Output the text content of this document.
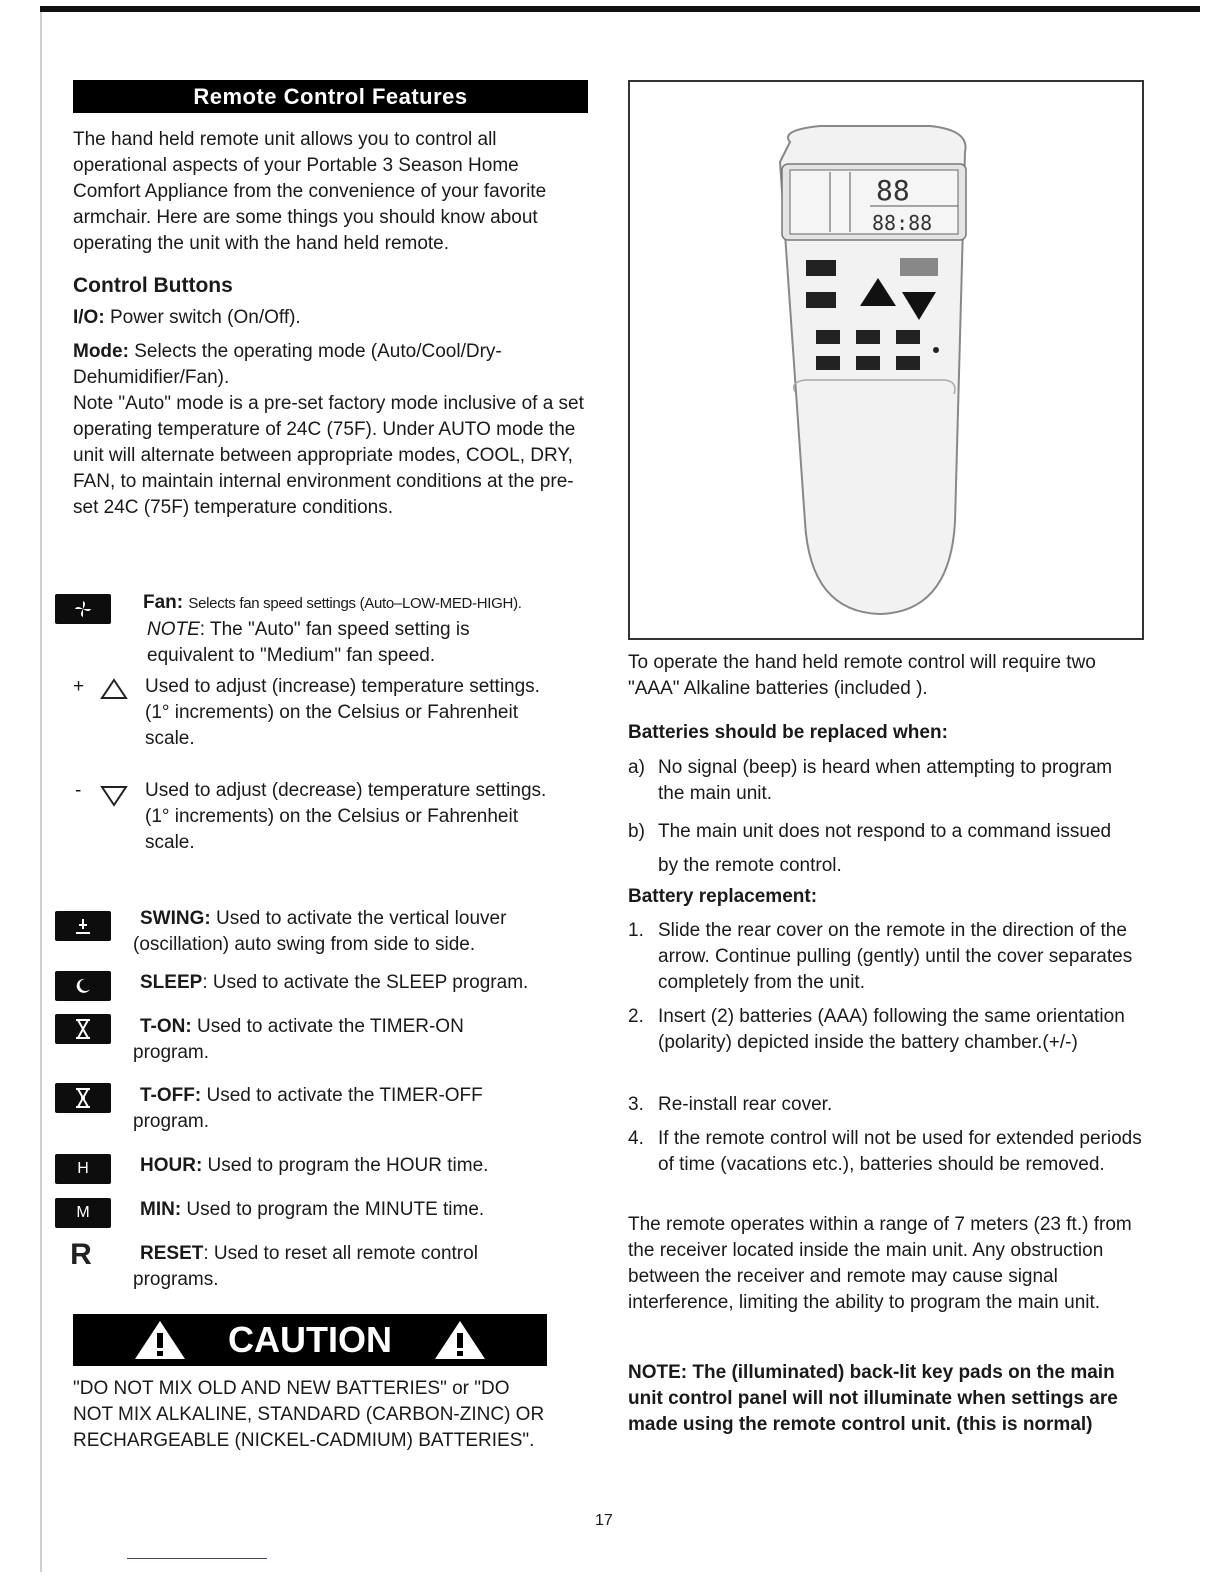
Remote Control Features

The hand held remote unit allows you to control all operational aspects of your Portable 3 Season Home Comfort Appliance from the convenience of your favorite armchair. Here are some things you should know about operating the unit with the hand held remote.

Control Buttons

I/O: Power switch (On/Off).

Mode: Selects the operating mode (Auto/Cool/Dry-Dehumidifier/Fan).

Note "Auto" mode is a pre-set factory mode inclusive of a set operating temperature of 24C (75F). Under AUTO mode the unit will alternate between appropriate modes, COOL, DRY, FAN, to maintain internal environment conditions at the pre-set 24C (75F) temperature conditions.

Fan: Selects fan speed settings (Auto–LOW-MED-HIGH).
NOTE: The "Auto" fan speed setting is equivalent to "Medium" fan speed.
+	Used to adjust (increase) temperature settings. (1° increments) on the Celsius or Fahrenheit scale.
-	Used to adjust (decrease) temperature settings. (1° increments) on the Celsius or Fahrenheit scale.
SWING: Used to activate the vertical louver (oscillation) auto swing from side to side.
SLEEP: Used to activate the SLEEP program.
T-ON: Used to activate the TIMER-ON program.
T-OFF: Used to activate the TIMER-OFF program.
H	HOUR: Used to program the HOUR time.
M	MIN: Used to program the MINUTE time.
R	RESET: Used to reset all remote control programs.
CAUTION
"DO NOT MIX OLD AND NEW BATTERIES" or "DO NOT MIX ALKALINE, STANDARD (CARBON-ZINC) OR RECHARGEABLE (NICKEL-CADMIUM) BATTERIES".
88
88:88
To operate the hand held remote control will require two "AAA" Alkaline batteries (included ).
Batteries should be replaced when:
a) No signal (beep) is heard when attempting to program the main unit.
b) The main unit does not respond to a command issued by the remote control.
Battery replacement:
1. Slide the rear cover on the remote in the direction of the arrow. Continue pulling (gently) until the cover separates completely from the unit.
2. Insert (2) batteries (AAA) following the same orientation (polarity) depicted inside the battery chamber.(+/-)
3. Re-install rear cover.
4. If the remote control will not be used for extended periods of time (vacations etc.), batteries should be removed.
The remote operates within a range of 7 meters (23 ft.) from the receiver located inside the main unit. Any obstruction between the receiver and remote may cause signal interference, limiting the ability to program the main unit.
NOTE: The (illuminated) back-lit key pads on the main unit control panel will not illuminate when settings are made using the remote control unit. (this is normal)
17
